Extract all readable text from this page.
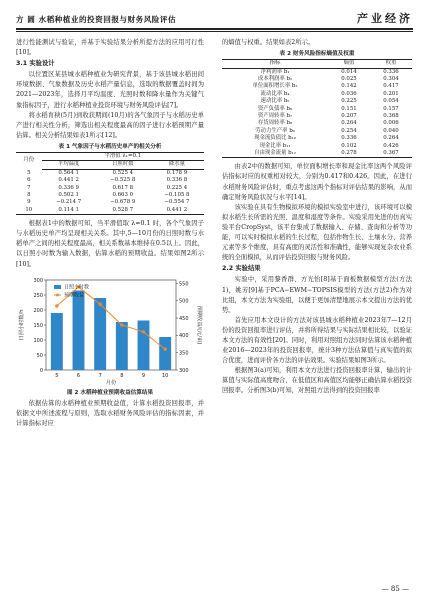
方 圆 水稻种植业的投资回报与财务风险评估	产业经济

进行性能测试与验证，并基于实验结果分析所提方法的应用可行性[10]。

3.1 实验设计

以位置区某县城水稻种植业为研究背景，基于该县城水稻田间环境数据、气象数据及历史水稻产量信息，选取的数据覆盖时间为2021—2023年，选择月平均温度、光照时数和降水量作为关键气象指标因子，进行水稻种植业投资环境与财务风险评估[7]。

将水稻育秧(5月)到收获期间(10月)的各气象因子与水稻历史单产进行相关性分析，筛选出相关程度最高的因子进行水稻预期产量估算。相关分析结果如表1所示[12]。

表 1 气象因子与水稻历史单产的相关分析
月份	平滑值 λ₁=0.1		
	平均温度	日照时数	降水量
5	0.564 1	0.525 4	0.178 9
6	0.441 2	−0.525 8	0.336 8
7	0.336 9	0.617 8	0.225 4
8	0.502 1	0.663 0	−0.105 8
9	−0.214 7	−0.678 9	−0.554 7
10	0.114 1	0.528 7	0.441 2

根据表1中的数据可知，当平滑值取 λ=0.1 时，各个气象因子与水稻历史单产均呈现相关关系。其中,5—10月份的日照时数与水稻单产之间的相关程度最高，相关系数基本维持在0.5以上。因此，以日照小时数为输入数据，估算水稻的预期收益。结果如图2所示[10]。

0
50
100
150
200
250
300
300
350
400
450
500
550
5	6	7	8	9	10
月份
日照小时数/h	预期收益/(元/亩)
日照小时数
预期收益
图 2 水稻种植业预期收益估算结果

依据估算的水稻种植业预期收益值，计算水稻投资回报率，并依据文中所述流程与原则，选取水稻财务风险评估的指标因素，并计算指标对应

的熵值与权重。结果如表2所示。

表 2 财务风险指标熵值及权重
指标	熵值	权重
净利润率 b₁	0.014	0.336
成本利润率 b₂	0.025	0.304
单位面积增长率 b₃	0.142	0.417
流动比率 b₄	0.036	0.201
速动比率 b₅	0.225	0.054
资产负债率 b₆	0.151	0.157
资产周转率 b₇	0.207	0.368
存货周转率 b₈	0.264	0.006
劳动力生产率 b₉	0.254	0.040
现金流负债比 b₁₀	0.336	0.264
现金比率 b₁₁	0.102	0.426
自由现金流量 b₁₂	0.278	0.367

由表2中的数据可知，单位面积增长率和现金比率这两个风险评估指标对应的权重相对较大，分别为0.417和0.426。因此，在进行水稻财务风险评估时，重点考虑这两个指标对评估结果的影响，从而确定财务风险状况与水平[14]。

该实验在具有生物模拟环境的模拟实验室中进行，该环境可以模拟水稻生长所需的光照、温度和湿度等条件。实验采用先进的仿真实验平台CropSyst，该平台集成了数据输入、存储、查询和分析等功能，可以实时模拟水稻的生长过程，包括作物生长、土壤水分、营养元素等多个维度，具有高度的灵活性和准确性，能够实现复杂农业系统的全面模拟，从而评估投资回报与财务风险。

2.2 实验结果

实验中，采用黎香群、方光怡[8]基于面板数据模型方法(方法1)，姚芳[9]基于PCA−EWM−TOPSIS模型的方法(方法2)作为对比组，本文方法为实验组，以便于更加清楚地展示本文提出方法的优势。

首先应用本文设计的方法对该县城水稻种植业2023年7—12月份的投资回报率进行评估，并将所得结果与实际结果相比较，以验证本文方法的有效性[20]。同时，利用对照组方法同时估算该水稻种植业2016—2023年的投资回报率，统计3种方法估算值与真实值的拟合优度，进而评价各方法的评估效果。实验结果如图3所示。

根据图3(a)可知，利用本文方法进行投资回报率计算，输出的计算值与实际值高度吻合，在低值区和高值区均能够正确估算水稻投资回报率。分析图3(b)可知，对照组方法得到的投资回报率

— 85 —
